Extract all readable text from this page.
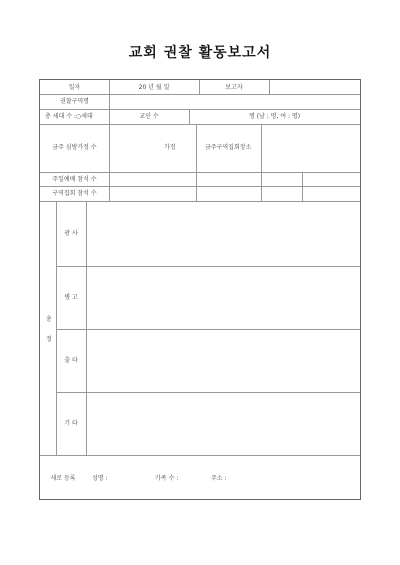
교회 권찰 활동보고서
일자	20 년 월 일	보고자
권찰구역명
총 세대 수 :○세대	교인 수	명 (남 : 명, 여 : 명)
금주 심방가정 수	가정	금주구역집회장소
주일예배 참석 수
구역집회 참석 수
총
정
광 사
병 고
출 타
기 타
새로 등록	성명 :	가족 수 :	주소 :
